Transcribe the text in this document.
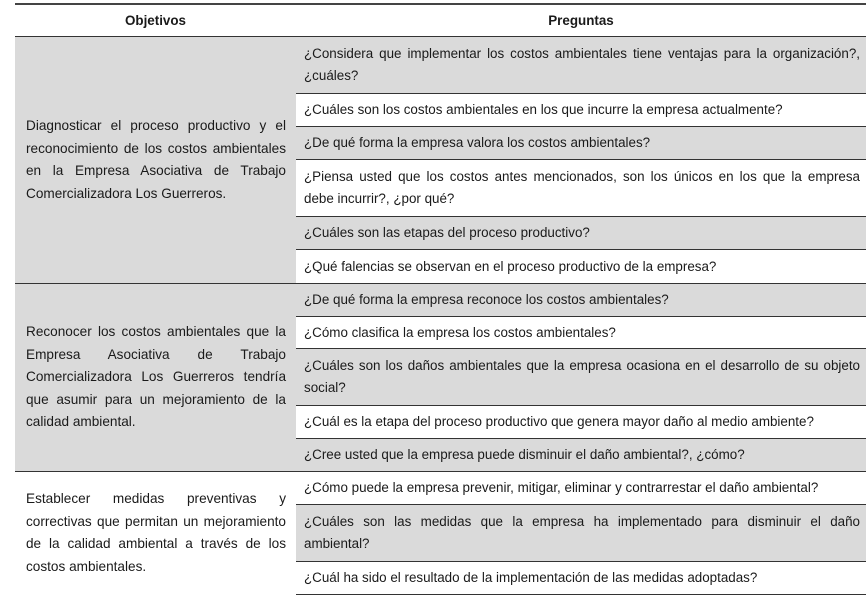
Objetivos	Preguntas
Diagnosticar el proceso productivo y el reconocimiento de los costos ambientales en la Empresa Asociativa de Trabajo Comercializadora Los Guerreros.	¿Considera que implementar los costos ambientales tiene ventajas para la organización?, ¿cuáles?
	¿Cuáles son los costos ambientales en los que incurre la empresa actualmente?
	¿De qué forma la empresa valora los costos ambientales?
	¿Piensa usted que los costos antes mencionados, son los únicos en los que la empresa debe incurrir?, ¿por qué?
	¿Cuáles son las etapas del proceso productivo?
	¿Qué falencias se observan en el proceso productivo de la empresa?
Reconocer los costos ambientales que la Empresa Asociativa de Trabajo Comercializadora Los Guerreros tendría que asumir para un mejoramiento de la calidad ambiental.	¿De qué forma la empresa reconoce los costos ambientales?
	¿Cómo clasifica la empresa los costos ambientales?
	¿Cuáles son los daños ambientales que la empresa ocasiona en el desarrollo de su objeto social?
	¿Cuál es la etapa del proceso productivo que genera mayor daño al medio ambiente?
	¿Cree usted que la empresa puede disminuir el daño ambiental?, ¿cómo?
Establecer medidas preventivas y correctivas que permitan un mejoramiento de la calidad ambiental a través de los costos ambientales.	¿Cómo puede la empresa prevenir, mitigar, eliminar y contrarrestar el daño ambiental?
	¿Cuáles son las medidas que la empresa ha implementado para disminuir el daño ambiental?
	¿Cuál ha sido el resultado de la implementación de las medidas adoptadas?
